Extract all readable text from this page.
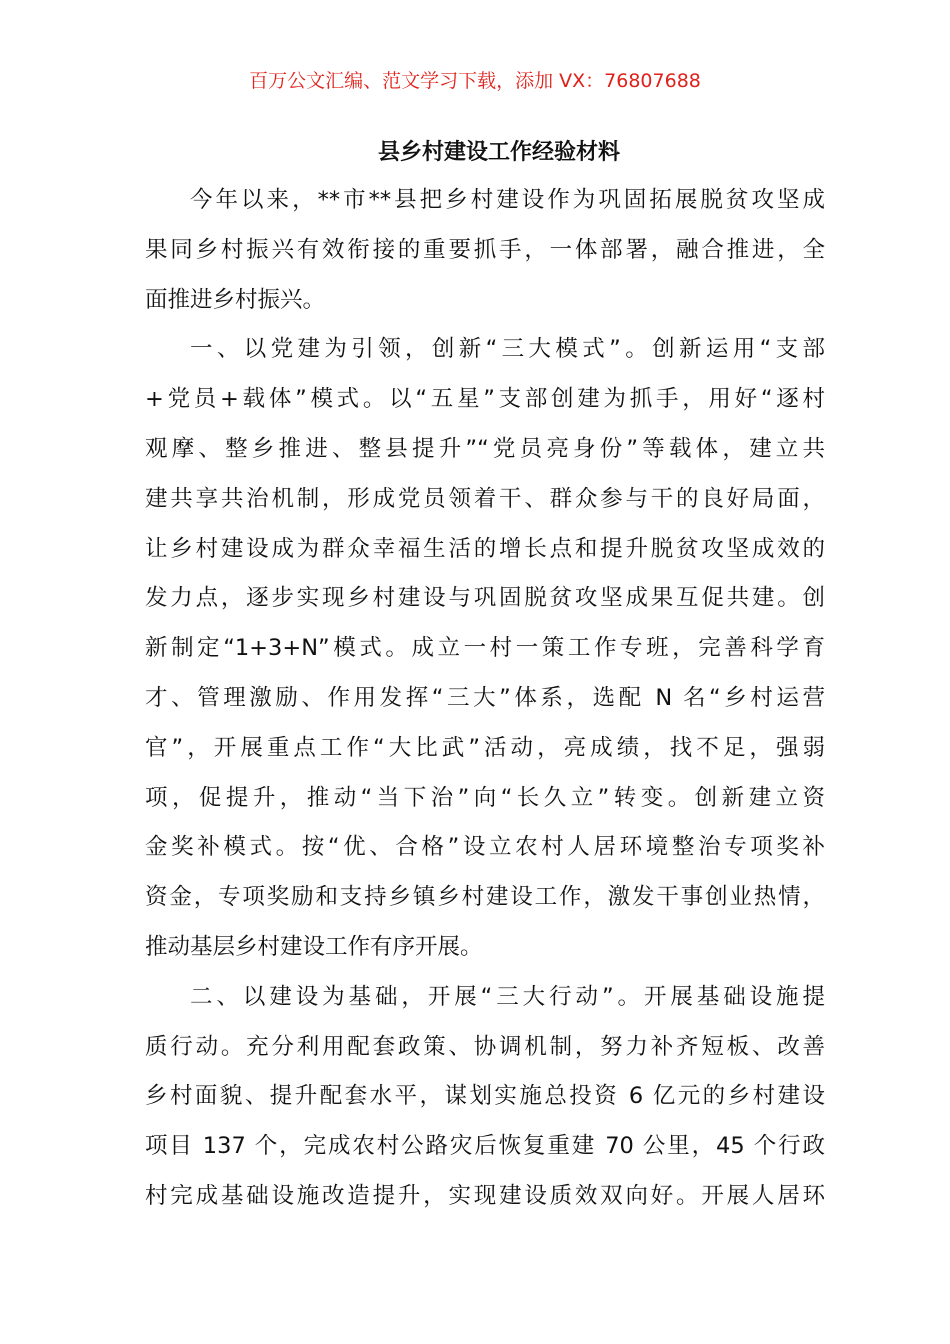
百万公文汇编、范文学习下载，添加 VX：76807688
县乡村建设工作经验材料
今年以来，**市**县把乡村建设作为巩固拓展脱贫攻坚成
果同乡村振兴有效衔接的重要抓手，一体部署，融合推进，全
面推进乡村振兴。
一、以党建为引领，创新“三大模式”。创新运用“支部
+党员+载体”模式。以“五星”支部创建为抓手，用好“逐村
观摩、整乡推进、整县提升”“党员亮身份”等载体，建立共
建共享共治机制，形成党员领着干、群众参与干的良好局面，
让乡村建设成为群众幸福生活的增长点和提升脱贫攻坚成效的
发力点，逐步实现乡村建设与巩固脱贫攻坚成果互促共建。创
新制定“1+3+N”模式。成立一村一策工作专班，完善科学育
才、管理激励、作用发挥“三大”体系，选配 N 名“乡村运营
官”，开展重点工作“大比武”活动，亮成绩，找不足，强弱
项，促提升，推动“当下治”向“长久立”转变。创新建立资
金奖补模式。按“优、合格”设立农村人居环境整治专项奖补
资金，专项奖励和支持乡镇乡村建设工作，激发干事创业热情，
推动基层乡村建设工作有序开展。
二、以建设为基础，开展“三大行动”。开展基础设施提
质行动。充分利用配套政策、协调机制，努力补齐短板、改善
乡村面貌、提升配套水平，谋划实施总投资 6 亿元的乡村建设
项目 137 个，完成农村公路灾后恢复重建 70 公里，45 个行政
村完成基础设施改造提升，实现建设质效双向好。开展人居环
